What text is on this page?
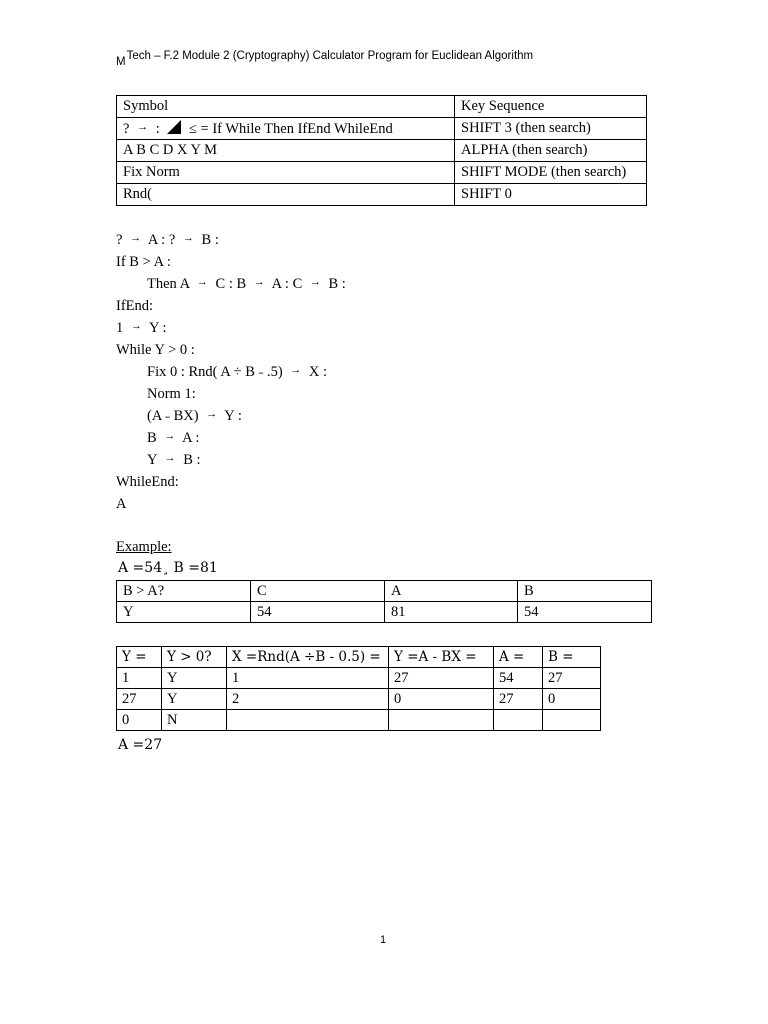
MTech – F.2 Module 2 (Cryptography) Calculator Program for Euclidean Algorithm
Symbol	Key Sequence
? → :  ≤ = If While Then IfEnd WhileEnd	SHIFT 3 (then search)
A B C D X Y M	ALPHA (then search)
Fix Norm	SHIFT MODE (then search)
Rnd(	SHIFT 0
? → A : ? → B :
If B > A :
Then A → C : B → A : C → B :
IfEnd:
1 → Y :
While Y > 0 :
Fix 0 : Rnd( A ÷ B ˗ .5) → X :
Norm 1:
(A ˗ BX) → Y :
B → A :
Y → B :
WhileEnd:
A
Example:
A =54¸ B =81
B > A?	C	A	B
Y	54	81	54
Y =	Y > 0?	X =Rnd(A ÷B - 0.5) =	Y =A - BX =	A =	B =
1	Y	1	27	54	27
27	Y	2	0	27	0
0	N				
A =27
1
